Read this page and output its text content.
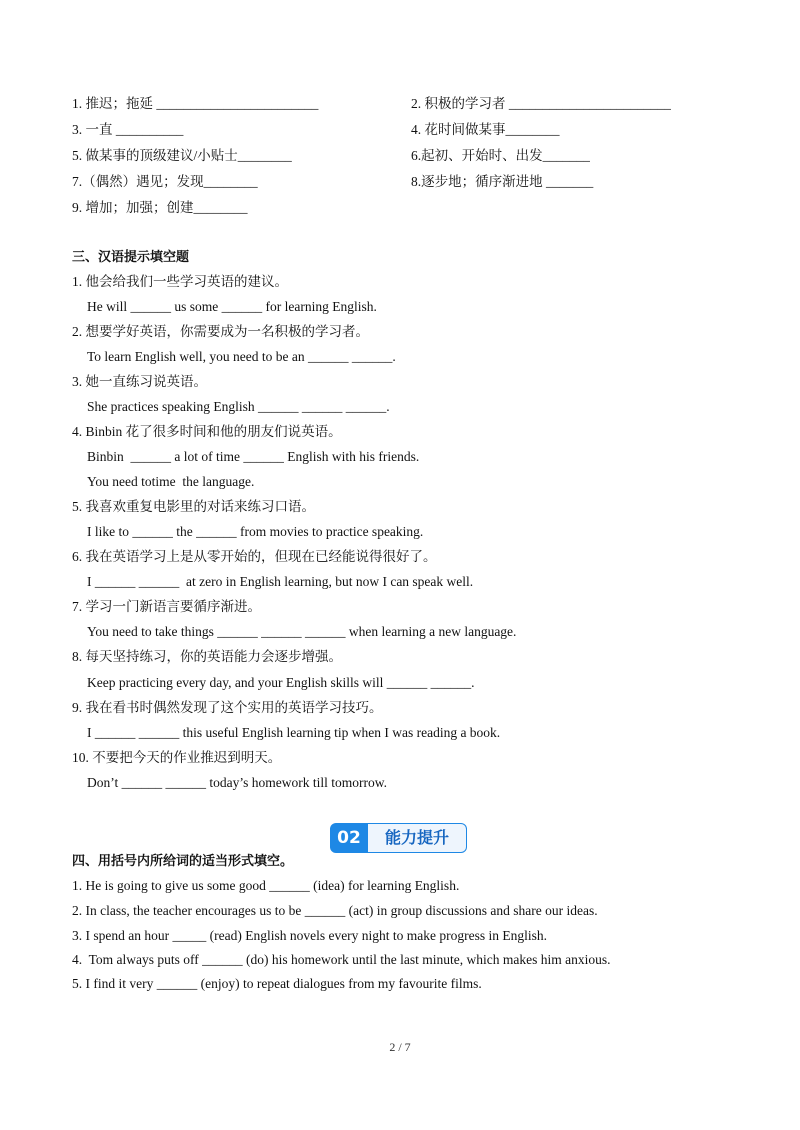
1. 推迟；拖延 ________________________	2. 积极的学习者 ________________________
3. 一直 __________	4. 花时间做某事________
5. 做某事的顶级建议/小贴士________	6.起初、开始时、出发_______
7.（偶然）遇见；发现________	8.逐步地；循序渐进地 _______
9. 增加；加强；创建________
三、汉语提示填空题
1. 他会给我们一些学习英语的建议。
He will ______ us some ______ for learning English.
2. 想要学好英语，你需要成为一名积极的学习者。
To learn English well, you need to be an ______ ______.
3. 她一直练习说英语。
She practices speaking English ______ ______ ______.
4. Binbin 花了很多时间和他的朋友们说英语。
Binbin  ______ a lot of time ______ English with his friends.
You need totime  the language.
5. 我喜欢重复电影里的对话来练习口语。
I like to ______ the ______ from movies to practice speaking.
6. 我在英语学习上是从零开始的，但现在已经能说得很好了。
I ______ ______  at zero in English learning, but now I can speak well.
7. 学习一门新语言要循序渐进。
You need to take things ______ ______ ______ when learning a new language.
8. 每天坚持练习，你的英语能力会逐步增强。
Keep practicing every day, and your English skills will ______ ______.
9. 我在看书时偶然发现了这个实用的英语学习技巧。
I ______ ______ this useful English learning tip when I was reading a book.
10. 不要把今天的作业推迟到明天。
Don’t ______ ______ today’s homework till tomorrow.
02	能力提升
四、用括号内所给词的适当形式填空。
1. He is going to give us some good ______ (idea) for learning English.
2. In class, the teacher encourages us to be ______ (act) in group discussions and share our ideas.
3. I spend an hour _____ (read) English novels every night to make progress in English.
4.  Tom always puts off ______ (do) his homework until the last minute, which makes him anxious.
5. I find it very ______ (enjoy) to repeat dialogues from my favourite films.
2 / 7
